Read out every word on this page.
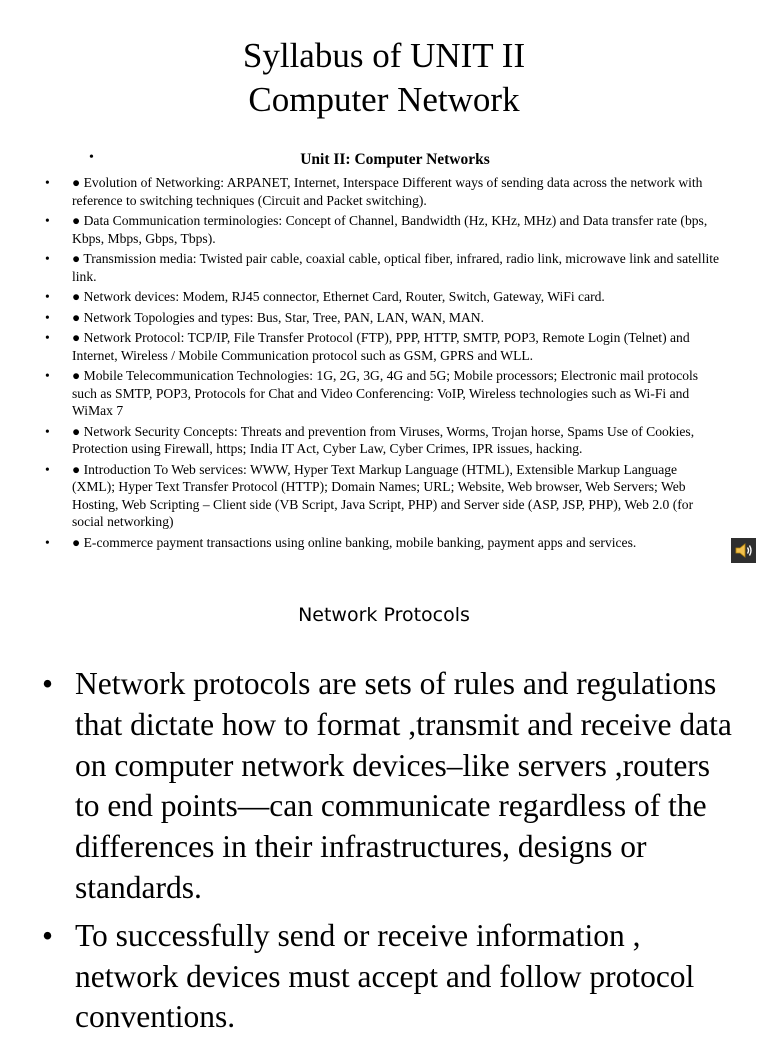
Syllabus of UNIT II
Computer Network
•	Unit II: Computer Networks
• ● Evolution of Networking: ARPANET, Internet, Interspace Different ways of sending data across the network with reference to switching techniques (Circuit and Packet switching).
• ● Data Communication terminologies: Concept of Channel, Bandwidth (Hz, KHz, MHz) and Data transfer rate (bps, Kbps, Mbps, Gbps, Tbps).
• ● Transmission media: Twisted pair cable, coaxial cable, optical fiber, infrared, radio link, microwave link and satellite link.
• ● Network devices: Modem, RJ45 connector, Ethernet Card, Router, Switch, Gateway, WiFi card.
• ● Network Topologies and types: Bus, Star, Tree, PAN, LAN, WAN, MAN.
• ● Network Protocol: TCP/IP, File Transfer Protocol (FTP), PPP, HTTP, SMTP, POP3, Remote Login (Telnet) and Internet, Wireless / Mobile Communication protocol such as GSM, GPRS and WLL.
• ● Mobile Telecommunication Technologies: 1G, 2G, 3G, 4G and 5G; Mobile processors; Electronic mail protocols such as SMTP, POP3, Protocols for Chat and Video Conferencing: VoIP, Wireless technologies such as Wi-Fi and WiMax 7
• ● Network Security Concepts: Threats and prevention from Viruses, Worms, Trojan horse, Spams Use of Cookies, Protection using Firewall, https; India IT Act, Cyber Law, Cyber Crimes, IPR issues, hacking.
• ● Introduction To Web services: WWW, Hyper Text Markup Language (HTML), Extensible Markup Language (XML); Hyper Text Transfer Protocol (HTTP); Domain Names; URL; Website, Web browser, Web Servers; Web Hosting, Web Scripting – Client side (VB Script, Java Script, PHP) and Server side (ASP, JSP, PHP), Web 2.0 (for social networking)
• ● E-commerce payment transactions using online banking, mobile banking, payment apps and services.
Network Protocols
• Network protocols are sets of rules and regulations that dictate how to format ,transmit and receive data on computer network devices–like servers ,routers to end points—can communicate regardless of the differences in their infrastructures, designs or standards.
• To successfully send or receive information , network devices must accept and follow protocol conventions.
